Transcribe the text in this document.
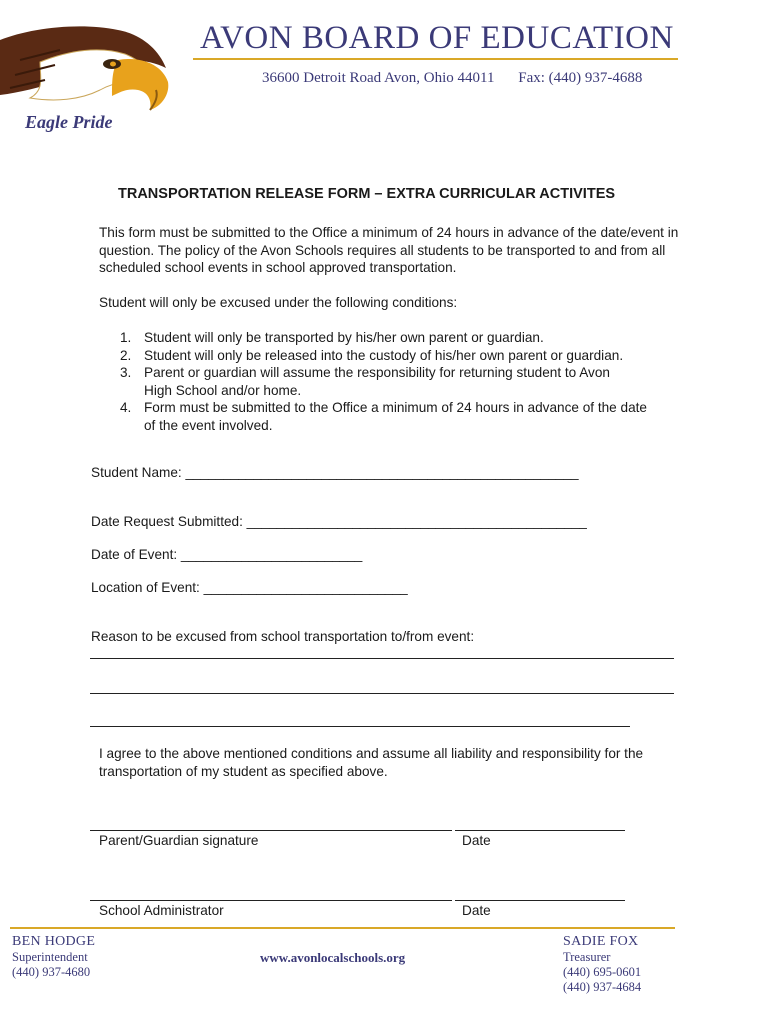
AVON BOARD OF EDUCATION
36600 Detroit Road Avon, Ohio 44011 Fax: (440) 937-4688
Eagle Pride
TRANSPORTATION RELEASE FORM – EXTRA CURRICULAR ACTIVITES
This form must be submitted to the Office a minimum of 24 hours in advance of the date/event in question. The policy of the Avon Schools requires all students to be transported to and from all scheduled school events in school approved transportation.
Student will only be excused under the following conditions:
1. Student will only be transported by his/her own parent or guardian.
2. Student will only be released into the custody of his/her own parent or guardian.
3. Parent or guardian will assume the responsibility for returning student to Avon High School and/or home.
4. Form must be submitted to the Office a minimum of 24 hours in advance of the date of the event involved.
Student Name: ____________________________________________________
Date Request Submitted: _____________________________________________
Date of Event: ________________________
Location of Event: ___________________________
Reason to be excused from school transportation to/from event:
I agree to the above mentioned conditions and assume all liability and responsibility for the transportation of my student as specified above.
Parent/Guardian signature	Date
School Administrator	Date
BEN HODGE
Superintendent
(440) 937-4680
www.avonlocalschools.org
SADIE FOX
Treasurer
(440) 695-0601
(440) 937-4684
